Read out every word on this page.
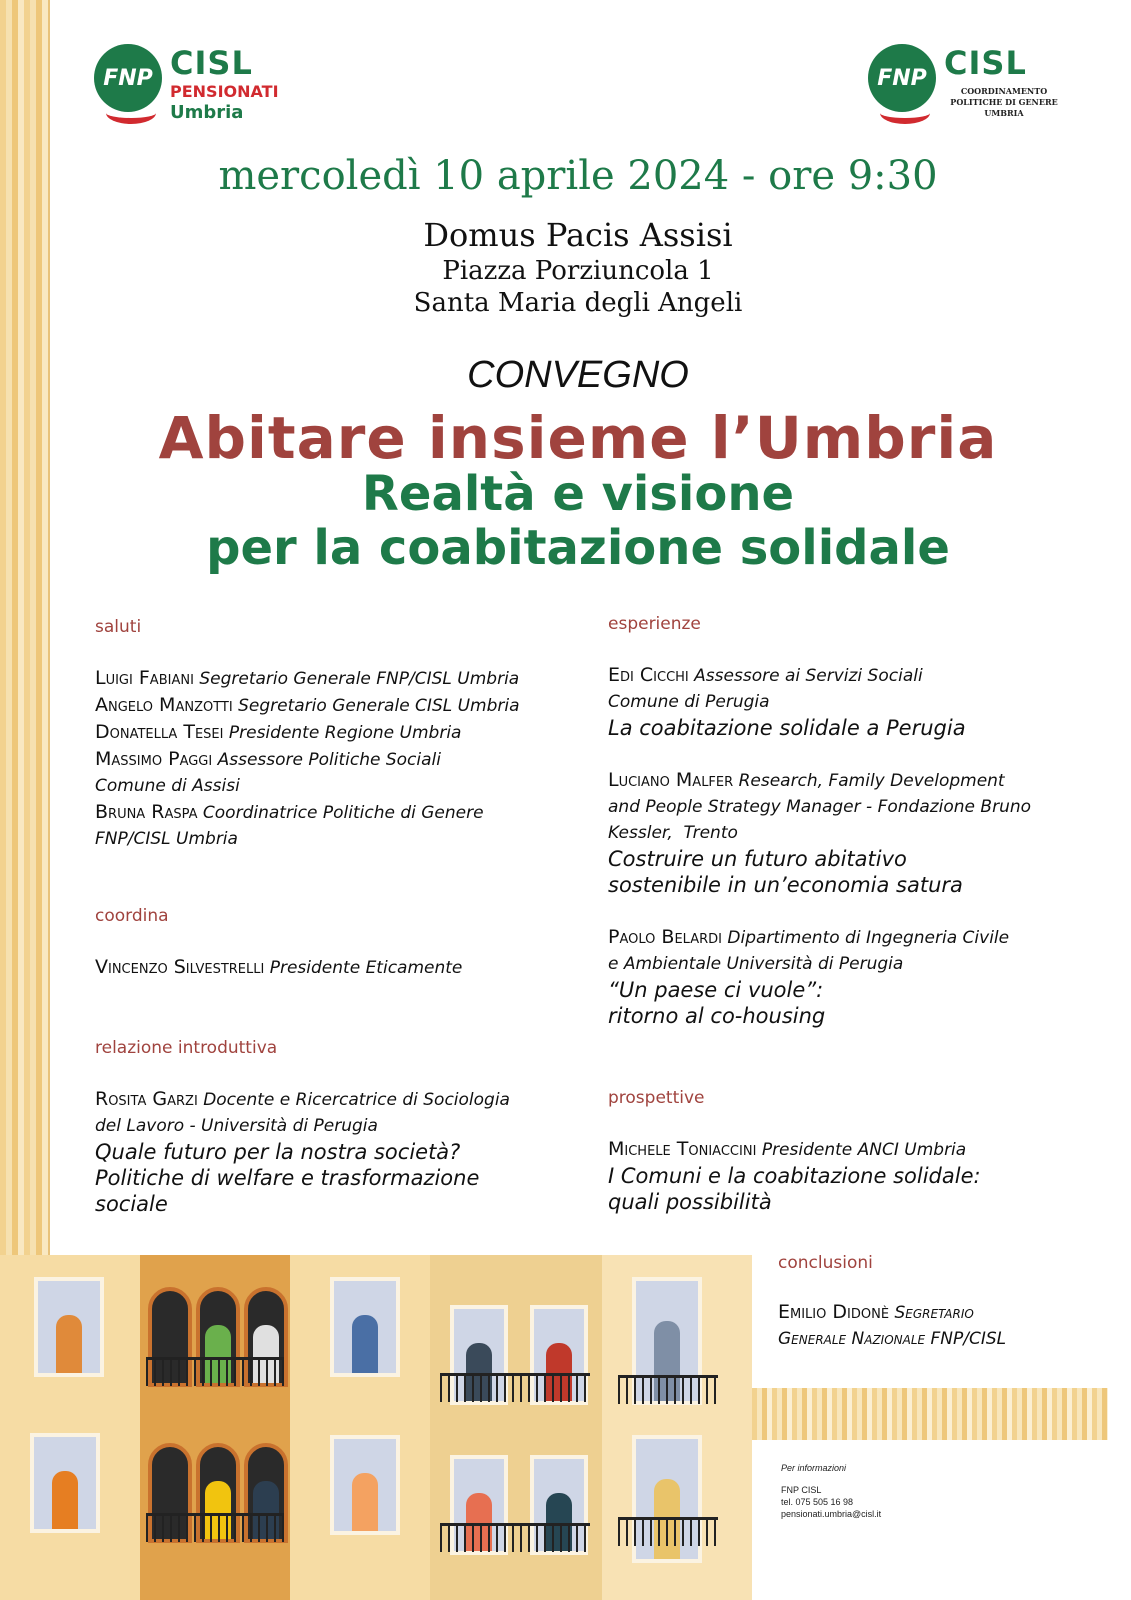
FNP CISL
PENSIONATI
Umbria
FNP CISL
COORDINAMENTO
POLITICHE DI GENERE
UMBRIA
mercoledì 10 aprile 2024 - ore 9:30
Domus Pacis Assisi
Piazza Porziuncola 1
Santa Maria degli Angeli
CONVEGNO
Abitare insieme l’Umbria
Realtà e visione
per la coabitazione solidale

saluti

Luigi Fabiani Segretario Generale FNP/CISL Umbria

Angelo Manzotti Segretario Generale CISL Umbria

Donatella Tesei Presidente Regione Umbria

Massimo Paggi Assessore Politiche Sociali
Comune di Assisi

Bruna Raspa Coordinatrice Politiche di Genere
FNP/CISL Umbria

coordina

Vincenzo Silvestrelli Presidente Eticamente

relazione introduttiva

Rosita Garzi Docente e Ricercatrice di Sociologia
del Lavoro - Università di Perugia
Quale futuro per la nostra società?
Politiche di welfare e trasformazione
sociale

esperienze

Edi Cicchi Assessore ai Servizi Sociali
Comune di Perugia
La coabitazione solidale a Perugia

Luciano Malfer Research, Family Development
and People Strategy Manager - Fondazione Bruno
Kessler,  Trento
Costruire un futuro abitativo
sostenibile in un’economia satura

Paolo Belardi Dipartimento di Ingegneria Civile
e Ambientale Università di Perugia
“Un paese ci vuole”:
ritorno al co-housing

prospettive

Michele Toniaccini Presidente ANCI Umbria
I Comuni e la coabitazione solidale:
quali possibilità

conclusioni

Emilio Didonè Segretario
Generale Nazionale FNP/CISL

Per informazioni
FNP CISL
tel. 075 505 16 98
pensionati.umbria@cisl.it
